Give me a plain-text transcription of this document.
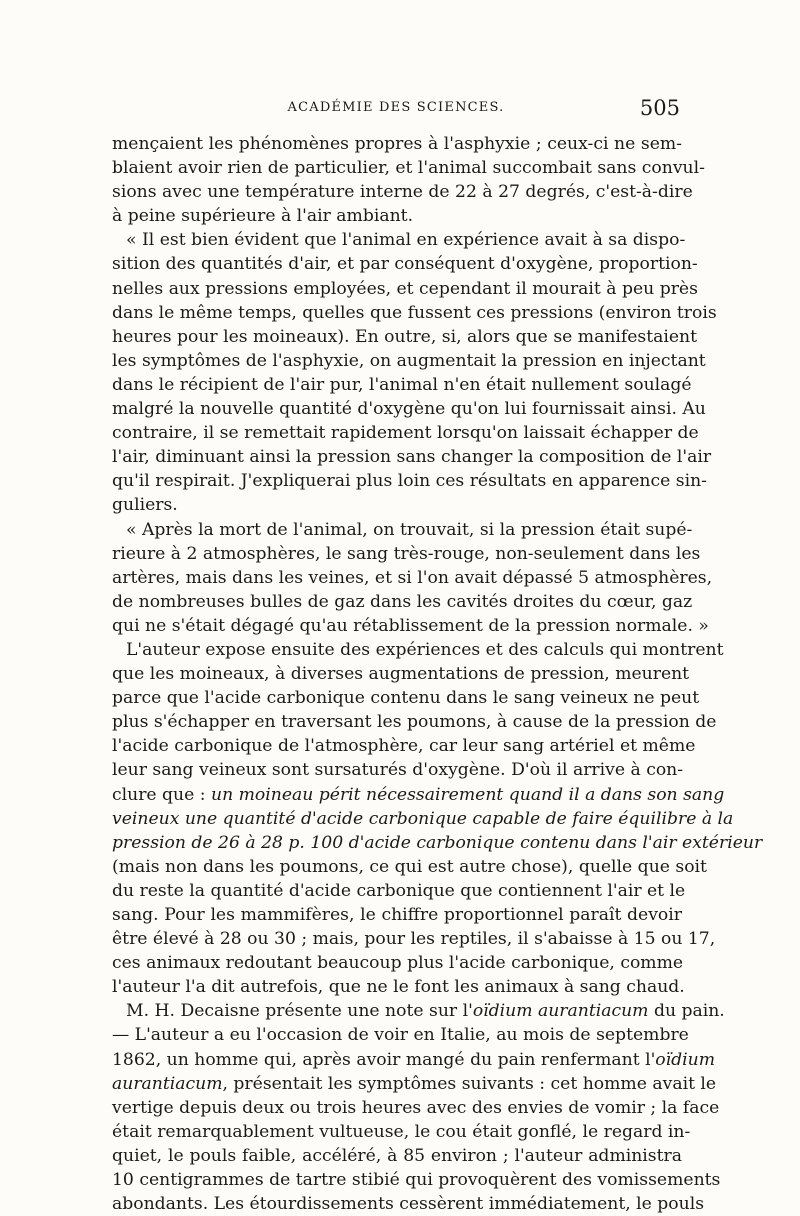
ACADÉMIE DES SCIENCES.	505
mençaient les phénomènes propres à l'asphyxie ; ceux-ci ne sem-
blaient avoir rien de particulier, et l'animal succombait sans convul-
sions avec une température interne de 22 à 27 degrés, c'est-à-dire
à peine supérieure à l'air ambiant.
« Il est bien évident que l'animal en expérience avait à sa dispo-
sition des quantités d'air, et par conséquent d'oxygène, proportion-
nelles aux pressions employées, et cependant il mourait à peu près
dans le même temps, quelles que fussent ces pressions (environ trois
heures pour les moineaux). En outre, si, alors que se manifestaient
les symptômes de l'asphyxie, on augmentait la pression en injectant
dans le récipient de l'air pur, l'animal n'en était nullement soulagé
malgré la nouvelle quantité d'oxygène qu'on lui fournissait ainsi. Au
contraire, il se remettait rapidement lorsqu'on laissait échapper de
l'air, diminuant ainsi la pression sans changer la composition de l'air
qu'il respirait. J'expliquerai plus loin ces résultats en apparence sin-
guliers.
« Après la mort de l'animal, on trouvait, si la pression était supé-
rieure à 2 atmosphères, le sang très-rouge, non-seulement dans les
artères, mais dans les veines, et si l'on avait dépassé 5 atmosphères,
de nombreuses bulles de gaz dans les cavités droites du cœur, gaz
qui ne s'était dégagé qu'au rétablissement de la pression normale. »
L'auteur expose ensuite des expériences et des calculs qui montrent
que les moineaux, à diverses augmentations de pression, meurent
parce que l'acide carbonique contenu dans le sang veineux ne peut
plus s'échapper en traversant les poumons, à cause de la pression de
l'acide carbonique de l'atmosphère, car leur sang artériel et même
leur sang veineux sont sursaturés d'oxygène. D'où il arrive à con-
clure que : un moineau périt nécessairement quand il a dans son sang
veineux une quantité d'acide carbonique capable de faire équilibre à la
pression de 26 à 28 p. 100 d'acide carbonique contenu dans l'air extérieur
(mais non dans les poumons, ce qui est autre chose), quelle que soit
du reste la quantité d'acide carbonique que contiennent l'air et le
sang. Pour les mammifères, le chiffre proportionnel paraît devoir
être élevé à 28 ou 30 ; mais, pour les reptiles, il s'abaisse à 15 ou 17,
ces animaux redoutant beaucoup plus l'acide carbonique, comme
l'auteur l'a dit autrefois, que ne le font les animaux à sang chaud.
M. H. Decaisne présente une note sur l'oïdium aurantiacum du pain.
— L'auteur a eu l'occasion de voir en Italie, au mois de septembre
1862, un homme qui, après avoir mangé du pain renfermant l'oïdium
aurantiacum, présentait les symptômes suivants : cet homme avait le
vertige depuis deux ou trois heures avec des envies de vomir ; la face
était remarquablement vultueuse, le cou était gonflé, le regard in-
quiet, le pouls faible, accéléré, à 85 environ ; l'auteur administra
10 centigrammes de tartre stibié qui provoquèrent des vomissements
abondants. Les étourdissements cessèrent immédiatement, le pouls
